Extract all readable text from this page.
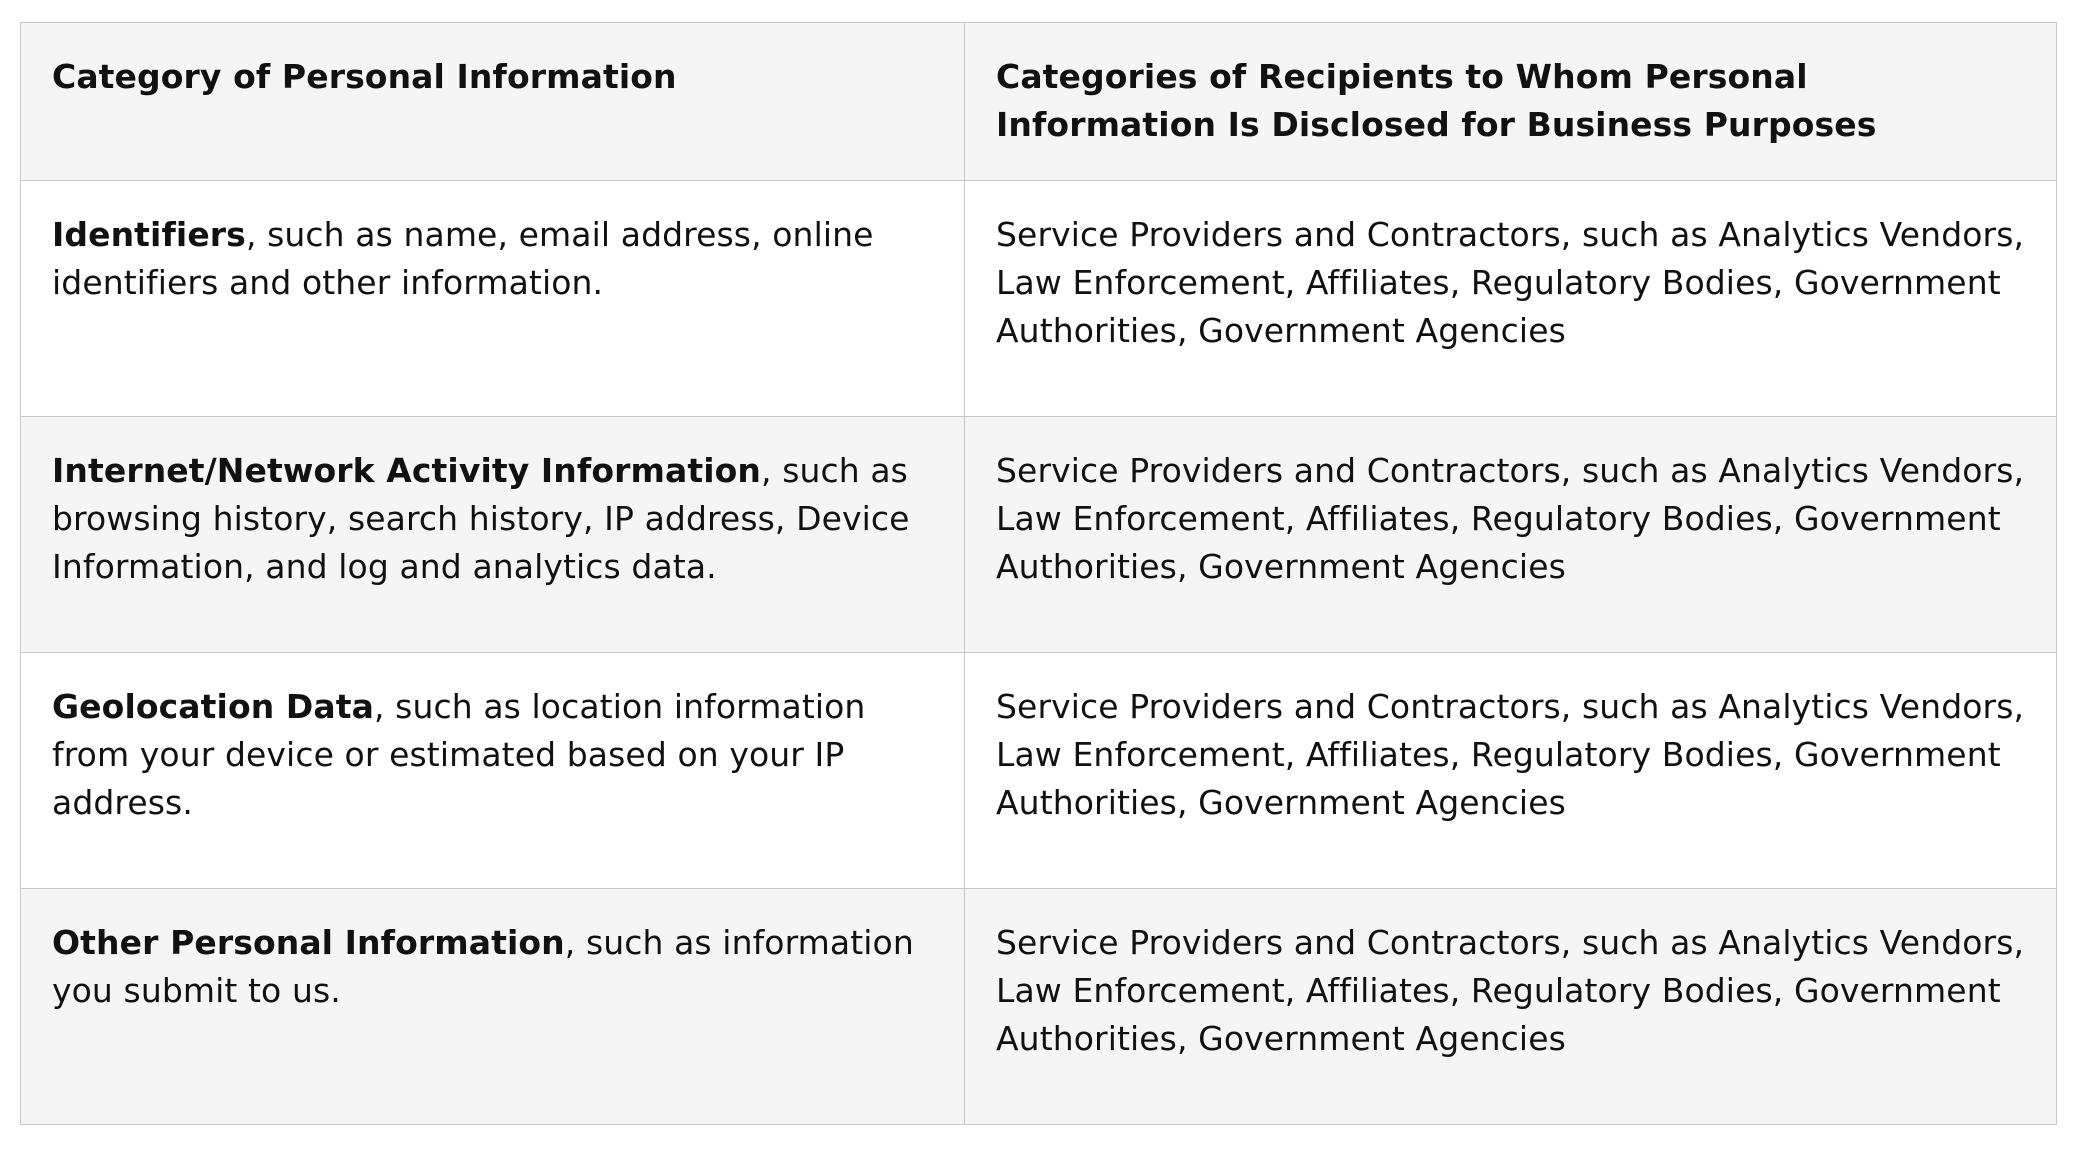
Category of Personal Information	Categories of Recipients to Whom Personal Information Is Disclosed for Business Purposes
Identifiers, such as name, email address, online identifiers and other information.	Service Providers and Contractors, such as Analytics Vendors, Law Enforcement, Affiliates, Regulatory Bodies, Government Authorities, Government Agencies
Internet/Network Activity Information, such as browsing history, search history, IP address, Device Information, and log and analytics data.	Service Providers and Contractors, such as Analytics Vendors, Law Enforcement, Affiliates, Regulatory Bodies, Government Authorities, Government Agencies
Geolocation Data, such as location information from your device or estimated based on your IP address.	Service Providers and Contractors, such as Analytics Vendors, Law Enforcement, Affiliates, Regulatory Bodies, Government Authorities, Government Agencies
Other Personal Information, such as information you submit to us.	Service Providers and Contractors, such as Analytics Vendors, Law Enforcement, Affiliates, Regulatory Bodies, Government Authorities, Government Agencies
